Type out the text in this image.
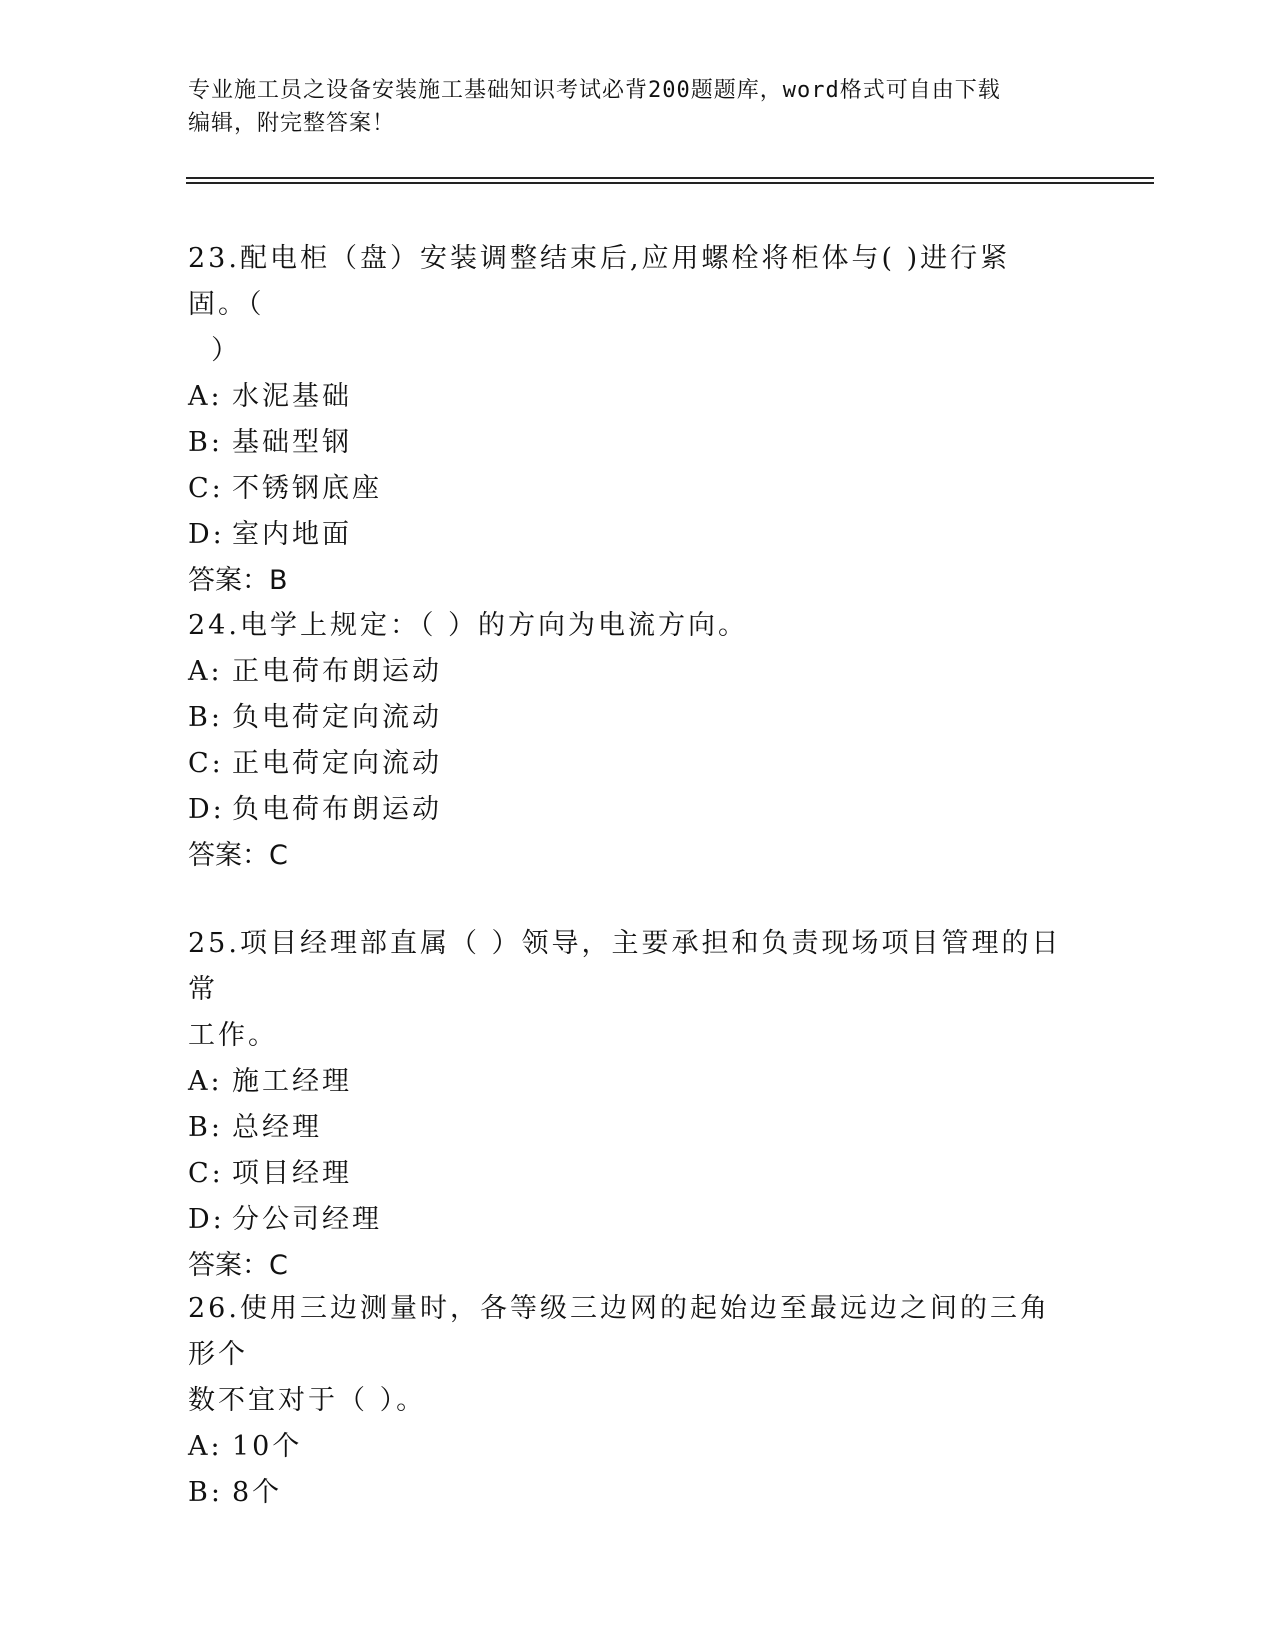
专业施工员之设备安装施工基础知识考试必背200题题库，word格式可自由下载
编辑，附完整答案！

23.配电柜（盘）安装调整结束后,应用螺栓将柜体与( )进行紧固。（
）

A: 水泥基础

B: 基础型钢

C: 不锈钢底座

D: 室内地面

答案：B

24.电学上规定：（ ）的方向为电流方向。

A: 正电荷布朗运动

B: 负电荷定向流动

C: 正电荷定向流动

D: 负电荷布朗运动

答案：C

25.项目经理部直属（ ）领导，主要承担和负责现场项目管理的日常
工作。

A: 施工经理

B: 总经理

C: 项目经理

D: 分公司经理

答案：C

26.使用三边测量时，各等级三边网的起始边至最远边之间的三角形个
数不宜对于（ ）。

A: 10个

B: 8个
